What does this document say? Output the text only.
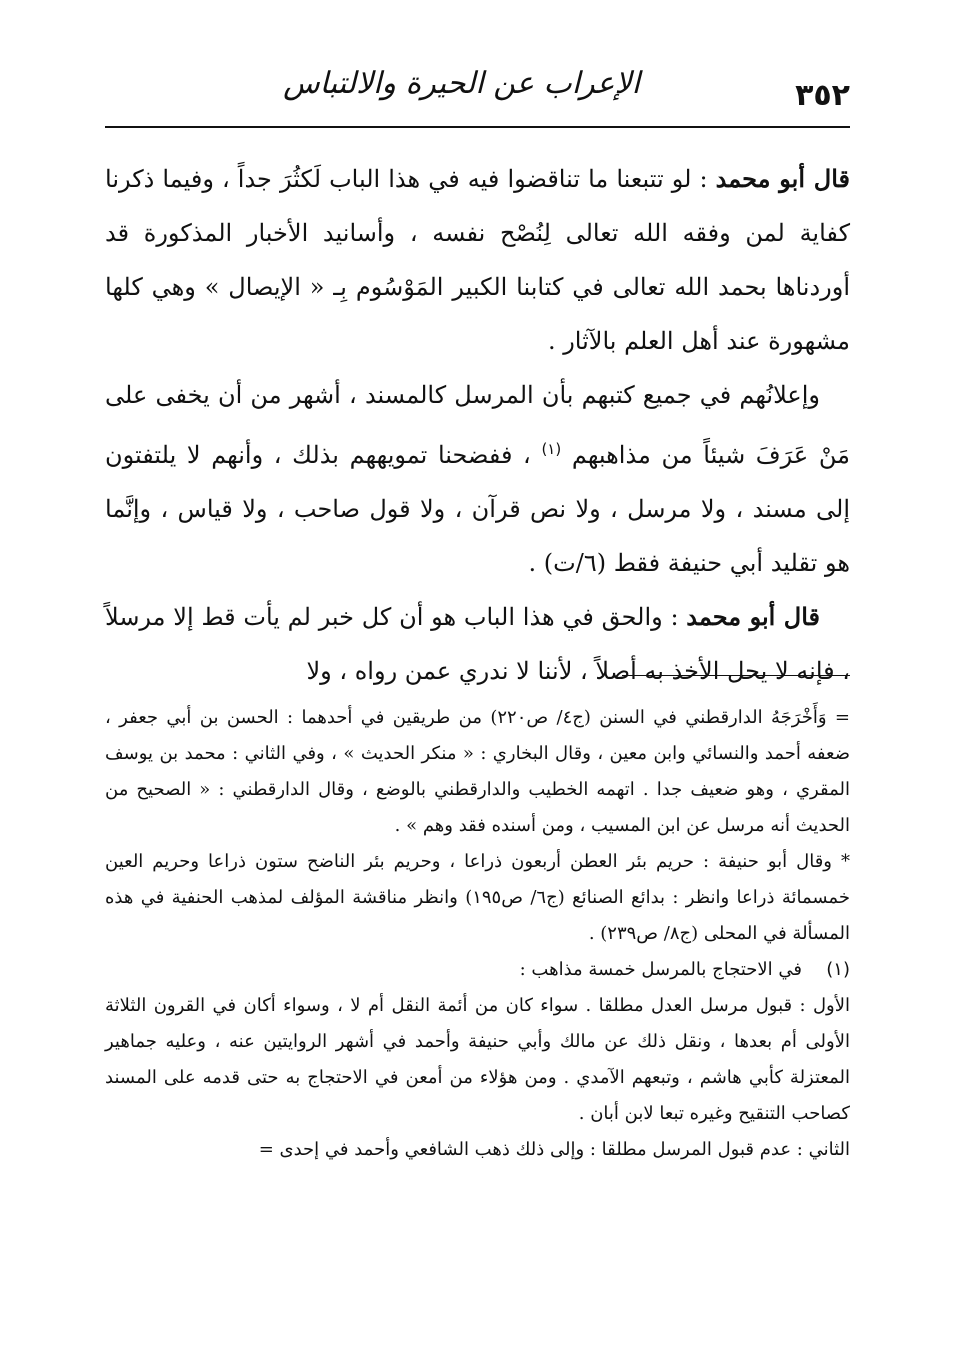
٣٥٢
الإعراب عن الحيرة والالتباس

قال أبو محمد : لو تتبعنا ما تناقضوا فيه في هذا الباب لَكثُرَ جداً ، وفيما ذكرنا كفاية لمن وفقه الله تعالى لِنُصْح نفسه ، وأسانيد الأخبار المذكورة قد أوردناها بحمد الله تعالى في كتابنا الكبير المَوْسُوم بِـ « الإيصال » وهي كلها مشهورة عند أهل العلم بالآثار .

وإعلانُهم في جميع كتبهم بأن المرسل كالمسند ، أشهر من أن يخفى على مَنْ عَرَفَ شيئاً من مذاهبهم $^{(١)}$ ، ففضحنا تمويههم بذلك ، وأنهم لا يلتفتون إلى مسند ، ولا مرسل ، ولا نص قرآن ، ولا قول صاحب ، ولا قياس ، وإنَّما هو تقليد أبي حنيفة فقط (٦/ت) .

قال أبو محمد : والحق في هذا الباب هو أن كل خبر لم يأت قط إلا مرسلاً ، فإنه لا يحل الأخذ به أصلاً ، لأننا لا ندري عمن رواه ، ولا

= وَأَخْرَجَهُ الدارقطني في السنن (ج٤/ ص٢٢٠) من طريقين في أحدهما : الحسن بن أبي جعفر ، ضعفه أحمد والنسائي وابن معين ، وقال البخاري : « منكر الحديث » ، وفي الثاني : محمد بن يوسف المقري ، وهو ضعيف جدا . اتهمه الخطيب والدارقطني بالوضع ، وقال الدارقطني : « الصحيح من الحديث أنه مرسل عن ابن المسيب ، ومن أسنده فقد وهم » .

* وقال أبو حنيفة : حريم بئر العطن أربعون ذراعا ، وحريم بئر الناضح ستون ذراعا وحريم العين خمسمائة ذراعا وانظر : بدائع الصنائع (ج٦/ ص١٩٥) وانظر مناقشة المؤلف لمذهب الحنفية في هذه المسألة في المحلى (ج٨/ ص٢٣٩) .

(١)
في الاحتجاج بالمرسل خمسة مذاهب :

الأول : قبول مرسل العدل مطلقا . سواء كان من أئمة النقل أم لا ، وسواء أكان في القرون الثلاثة الأولى أم بعدها ، ونقل ذلك عن مالك وأبي حنيفة وأحمد في أشهر الروايتين عنه ، وعليه جماهير المعتزلة كأبي هاشم ، وتبعهم الآمدي . ومن هؤلاء من أمعن في الاحتجاج به حتى قدمه على المسند كصاحب التنقيح وغيره تبعا لابن أبان .

الثاني : عدم قبول المرسل مطلقا : وإلى ذلك ذهب الشافعي وأحمد في إحدى =
